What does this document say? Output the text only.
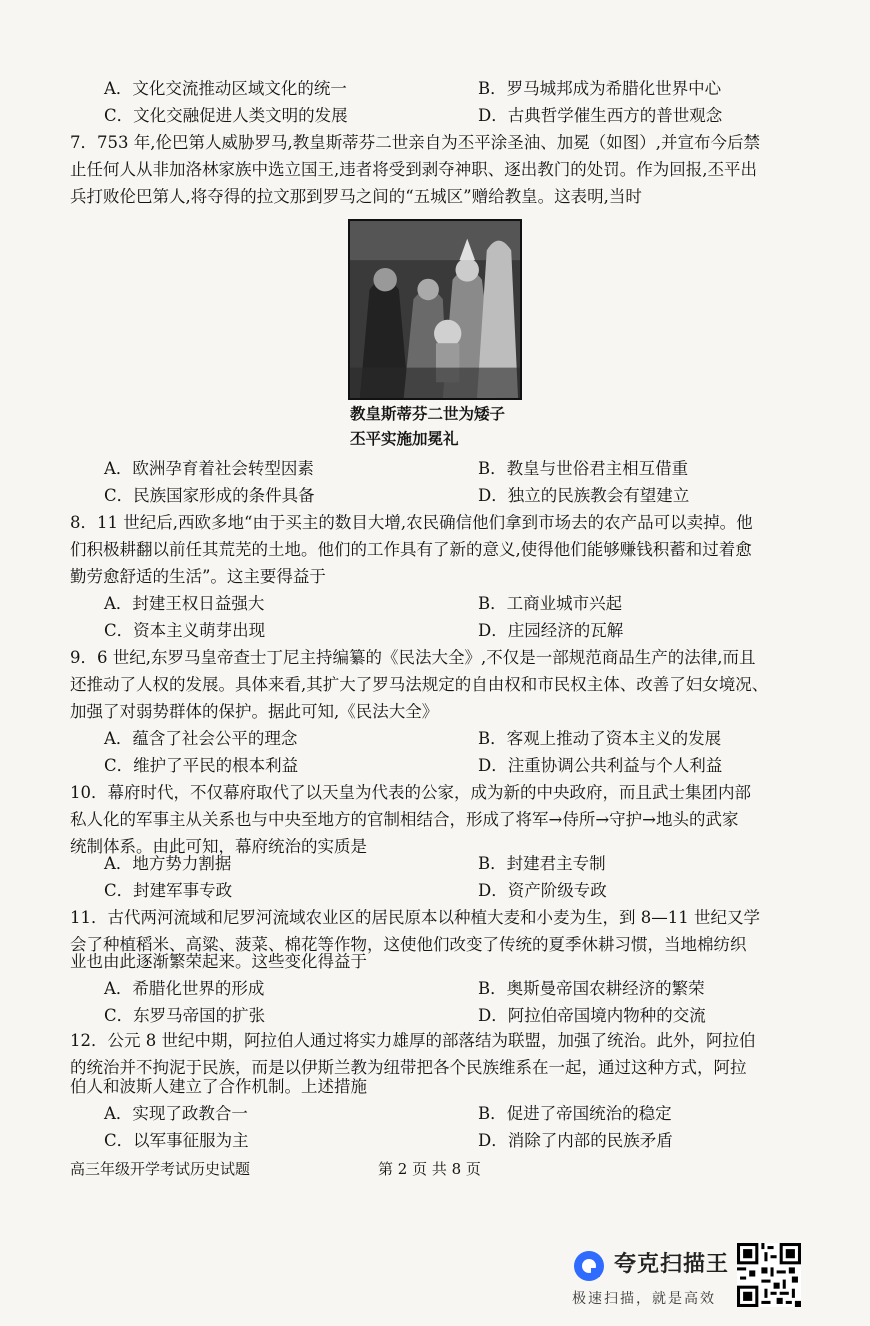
A．文化交流推动区域文化的统一	B．罗马城邦成为希腊化世界中心
C．文化交融促进人类文明的发展	D．古典哲学催生西方的普世观念
7．753 年,伦巴第人威胁罗马,教皇斯蒂芬二世亲自为丕平涂圣油、加冕（如图）,并宣布今后禁
止任何人从非加洛林家族中选立国王,违者将受到剥夺神职、逐出教门的处罚。作为回报,丕平出
兵打败伦巴第人,将夺得的拉文那到罗马之间的“五城区”赠给教皇。这表明,当时
教皇斯蒂芬二世为矮子
丕平实施加冕礼
A．欧洲孕育着社会转型因素	B．教皇与世俗君主相互借重
C．民族国家形成的条件具备	D．独立的民族教会有望建立
8．11 世纪后,西欧多地“由于买主的数目大增,农民确信他们拿到市场去的农产品可以卖掉。他
们积极耕翻以前任其荒芜的土地。他们的工作具有了新的意义,使得他们能够赚钱积蓄和过着愈
勤劳愈舒适的生活”。这主要得益于
A．封建王权日益强大	B．工商业城市兴起
C．资本主义萌芽出现	D．庄园经济的瓦解
9．6 世纪,东罗马皇帝查士丁尼主持编纂的《民法大全》,不仅是一部规范商品生产的法律,而且
还推动了人权的发展。具体来看,其扩大了罗马法规定的自由权和市民权主体、改善了妇女境况、
加强了对弱势群体的保护。据此可知,《民法大全》
A．蕴含了社会公平的理念	B．客观上推动了资本主义的发展
C．维护了平民的根本利益	D．注重协调公共利益与个人利益
10．幕府时代，不仅幕府取代了以天皇为代表的公家，成为新的中央政府，而且武士集团内部
私人化的军事主从关系也与中央至地方的官制相结合，形成了将军→侍所→守护→地头的武家
统制体系。由此可知，幕府统治的实质是
A．地方势力割据	B．封建君主专制
C．封建军事专政	D．资产阶级专政
11．古代两河流域和尼罗河流域农业区的居民原本以种植大麦和小麦为生，到 8—11 世纪又学
会了种植稻米、高粱、菠菜、棉花等作物，这使他们改变了传统的夏季休耕习惯，当地棉纺织
业也由此逐渐繁荣起来。这些变化得益于
A．希腊化世界的形成	B．奥斯曼帝国农耕经济的繁荣
C．东罗马帝国的扩张	D．阿拉伯帝国境内物种的交流
12．公元 8 世纪中期，阿拉伯人通过将实力雄厚的部落结为联盟，加强了统治。此外，阿拉伯
的统治并不拘泥于民族，而是以伊斯兰教为纽带把各个民族维系在一起，通过这种方式，阿拉
伯人和波斯人建立了合作机制。上述措施
A．实现了政教合一	B．促进了帝国统治的稳定
C．以军事征服为主	D．消除了内部的民族矛盾
高三年级开学考试历史试题	第 2 页 共 8 页
夸克扫描王
极速扫描，就是高效
